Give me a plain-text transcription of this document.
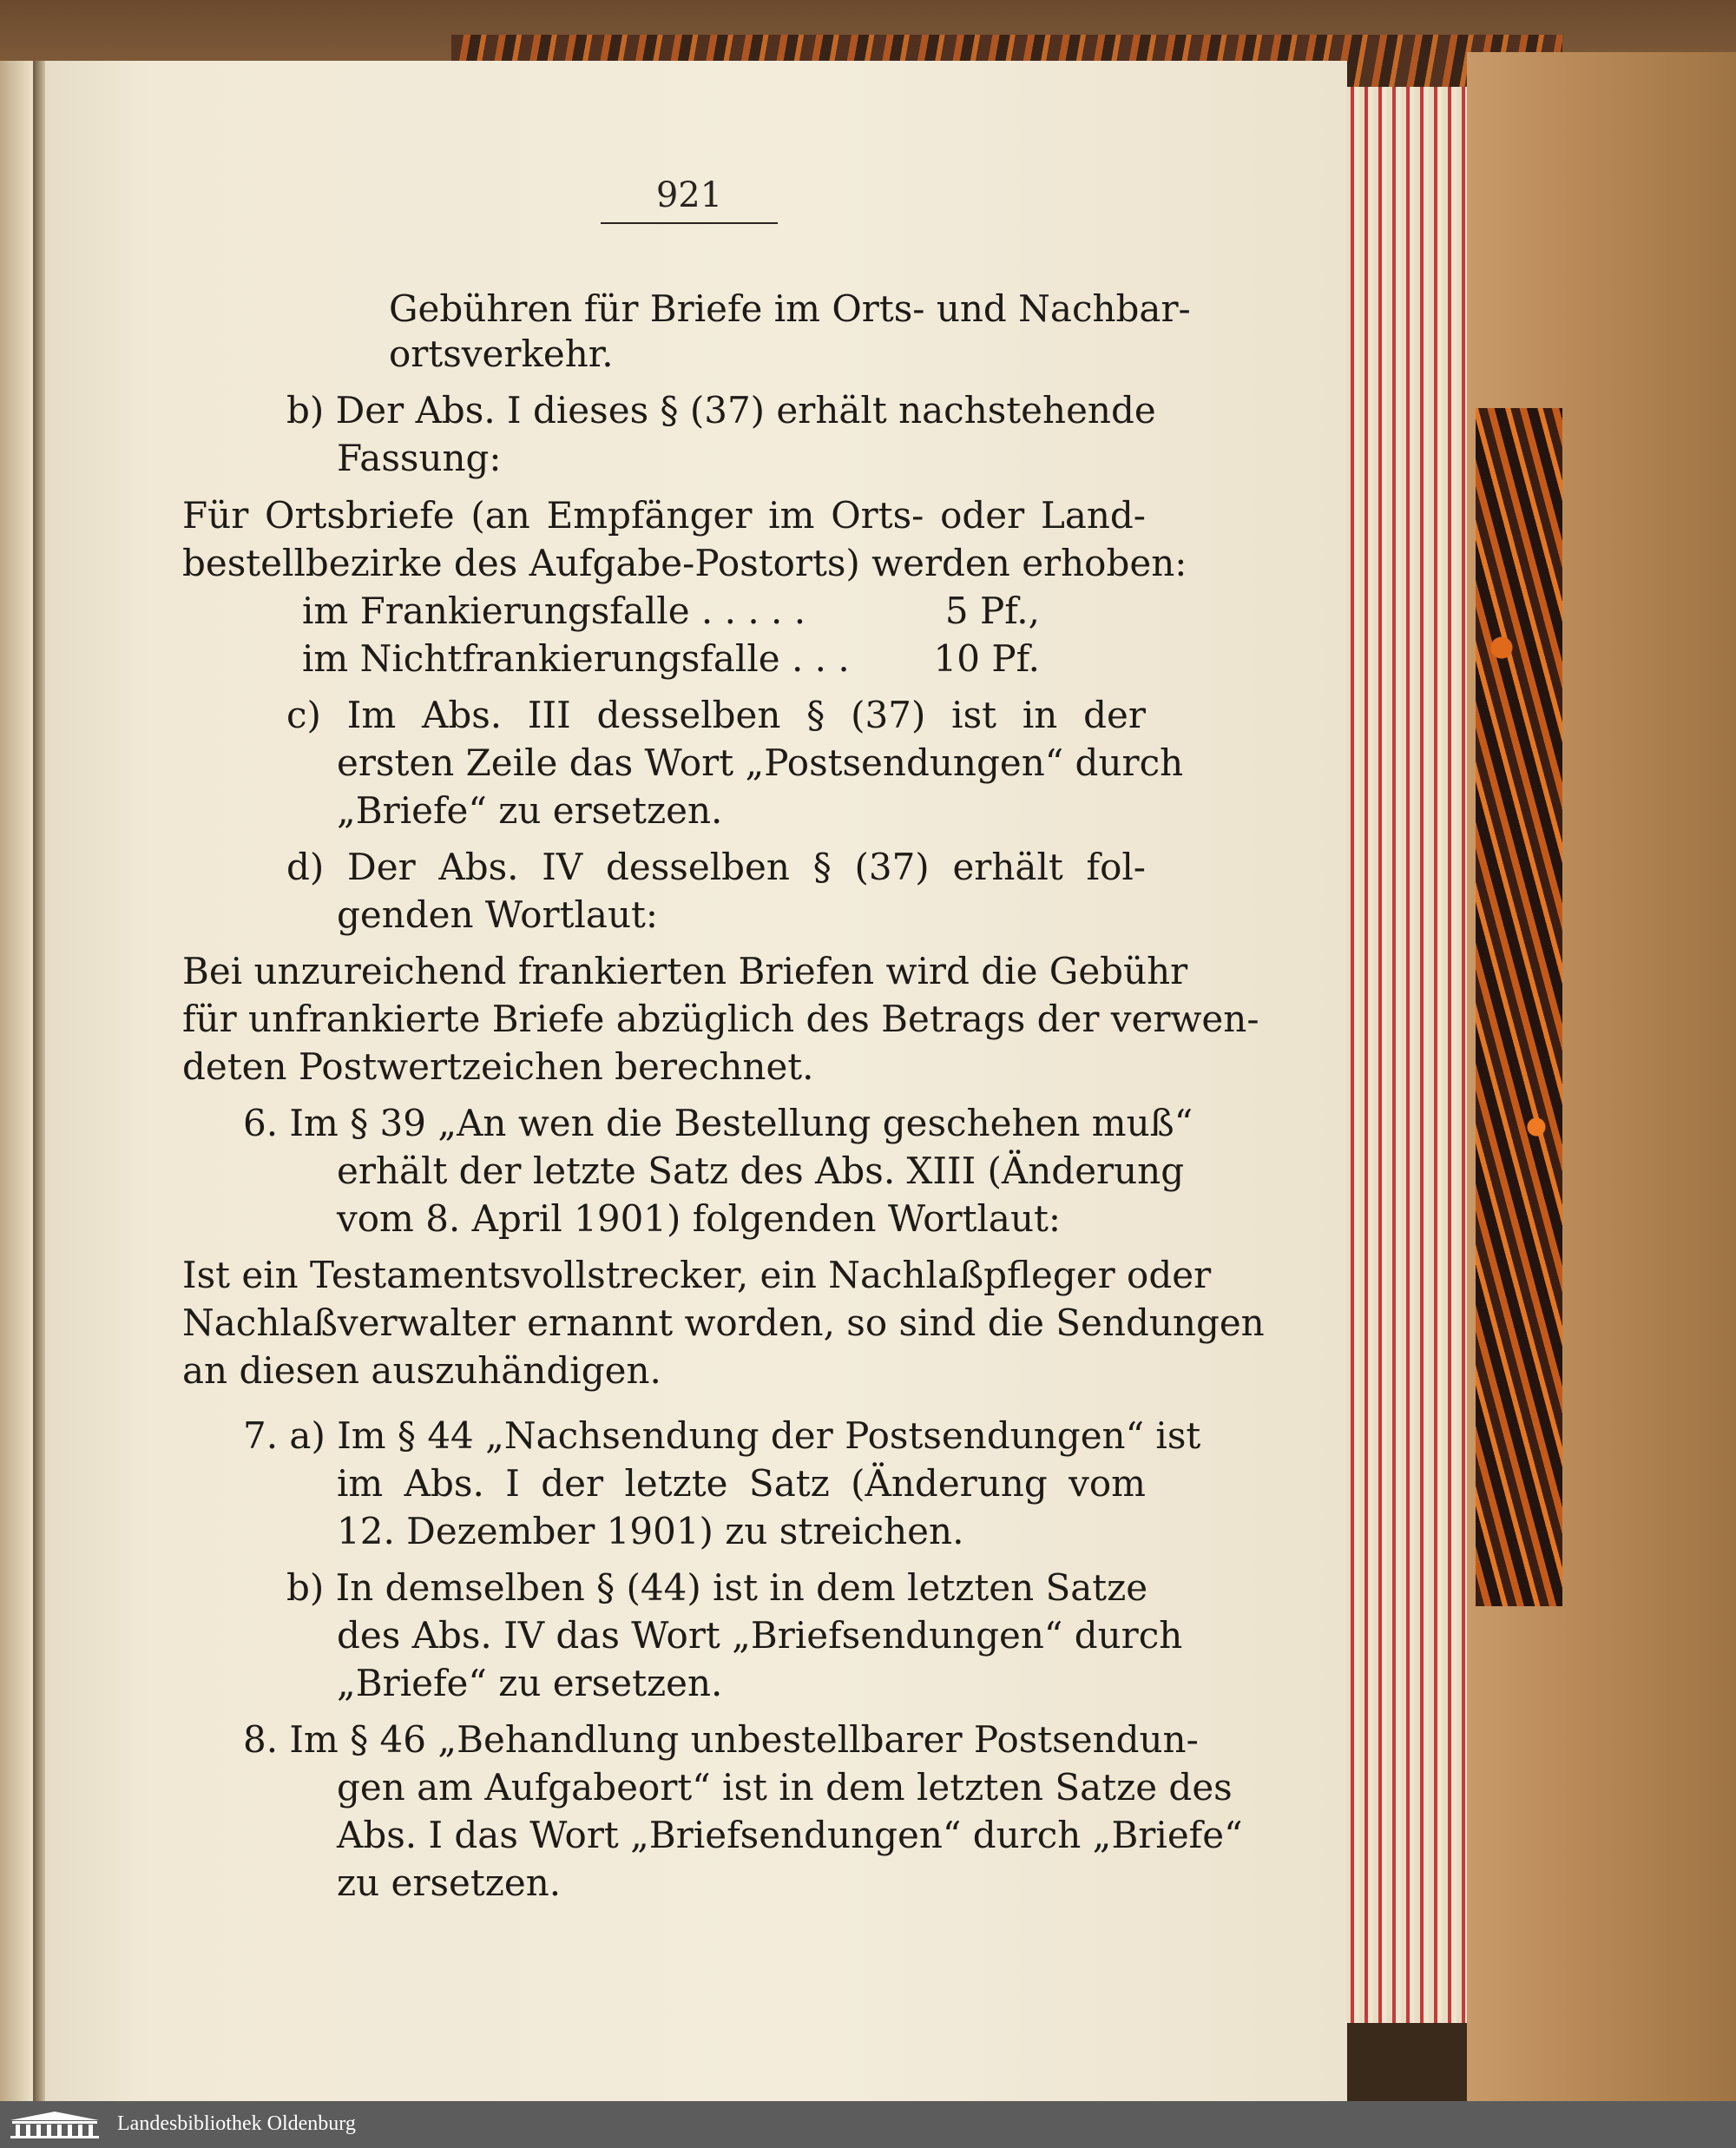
921
Gebühren für Briefe im Orts- und Nachbar-
ortsverkehr.
b) Der Abs. I dieses § (37) erhält nachstehende
Fassung:
Für Ortsbriefe (an Empfänger im Orts- oder Land-
bestellbezirke des Aufgabe-Postorts) werden erhoben:
im Frankierungsfalle . . . . .	5 Pf.,
im Nichtfrankierungsfalle . . .	10 Pf.
c) Im Abs. III desselben § (37) ist in der
ersten Zeile das Wort „Postsendungen“ durch
„Briefe“ zu ersetzen.
d) Der Abs. IV desselben § (37) erhält fol-
genden Wortlaut:
Bei unzureichend frankierten Briefen wird die Gebühr
für unfrankierte Briefe abzüglich des Betrags der verwen-
deten Postwertzeichen berechnet.
6. Im § 39 „An wen die Bestellung geschehen muß“
erhält der letzte Satz des Abs. XIII (Änderung
vom 8. April 1901) folgenden Wortlaut:
Ist ein Testamentsvollstrecker, ein Nachlaßpfleger oder
Nachlaßverwalter ernannt worden, so sind die Sendungen
an diesen auszuhändigen.
7. a) Im § 44 „Nachsendung der Postsendungen“ ist
im Abs. I der letzte Satz (Änderung vom
12. Dezember 1901) zu streichen.
b) In demselben § (44) ist in dem letzten Satze
des Abs. IV das Wort „Briefsendungen“ durch
„Briefe“ zu ersetzen.
8. Im § 46 „Behandlung unbestellbarer Postsendun-
gen am Aufgabeort“ ist in dem letzten Satze des
Abs. I das Wort „Briefsendungen“ durch „Briefe“
zu ersetzen.
Landesbibliothek Oldenburg
